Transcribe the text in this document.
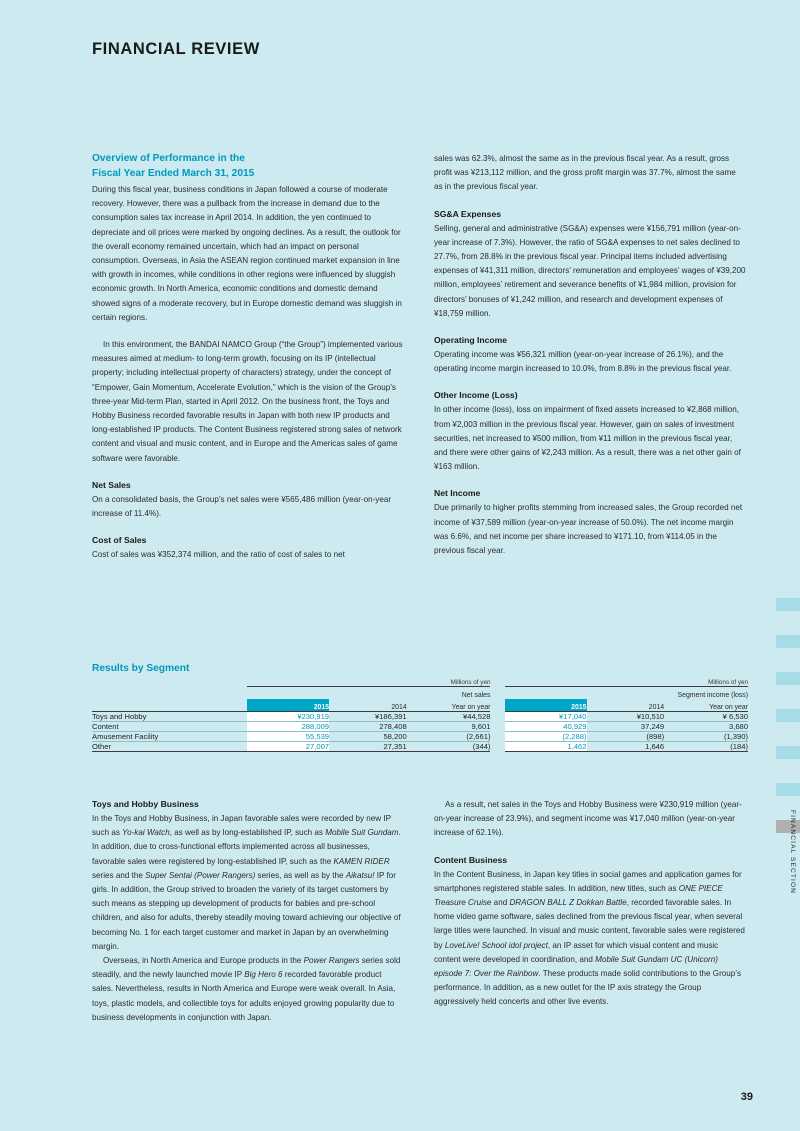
FINANCIAL REVIEW
Overview of Performance in the
Fiscal Year Ended March 31, 2015

During this fiscal year, business conditions in Japan followed a course of moderate recovery. However, there was a pullback from the increase in demand due to the consumption sales tax increase in April 2014. In addition, the yen continued to depreciate and oil prices were marked by ongoing declines. As a result, the outlook for the overall economy remained uncertain, which had an impact on personal consumption. Overseas, in Asia the ASEAN region continued market expansion in line with growth in incomes, while conditions in other regions were influenced by sluggish economic growth. In North America, economic conditions and domestic demand showed signs of a moderate recovery, but in Europe domestic demand was sluggish in certain regions.

In this environment, the BANDAI NAMCO Group (“the Group”) implemented various measures aimed at medium- to long-term growth, focusing on its IP (intellectual property; including intellectual property of characters) strategy, under the concept of “Empower, Gain Momentum, Accelerate Evolution,” which is the vision of the Group’s three-year Mid-term Plan, started in April 2012. On the business front, the Toys and Hobby Business recorded favorable results in Japan with both new IP products and long-established IP products. The Content Business registered strong sales of network content and visual and music content, and in Europe and the Americas sales of game software were favorable.

Net Sales

On a consolidated basis, the Group’s net sales were ¥565,486 million (year-on-year increase of 11.4%).

Cost of Sales

Cost of sales was ¥352,374 million, and the ratio of cost of sales to net

sales was 62.3%, almost the same as in the previous fiscal year. As a result, gross profit was ¥213,112 million, and the gross profit margin was 37.7%, almost the same as in the previous fiscal year.

SG&A Expenses

Selling, general and administrative (SG&A) expenses were ¥156,791 million (year-on-year increase of 7.3%). However, the ratio of SG&A expenses to net sales declined to 27.7%, from 28.8% in the previous fiscal year. Principal items included advertising expenses of ¥41,311 million, directors’ remuneration and employees’ wages of ¥39,200 million, employees’ retirement and severance benefits of ¥1,984 million, provision for directors’ bonuses of ¥1,242 million, and research and development expenses of ¥18,759 million.

Operating Income

Operating income was ¥56,321 million (year-on-year increase of 26.1%), and the operating income margin increased to 10.0%, from 8.8% in the previous fiscal year.

Other Income (Loss)

In other income (loss), loss on impairment of fixed assets increased to ¥2,868 million, from ¥2,003 million in the previous fiscal year. However, gain on sales of investment securities, net increased to ¥500 million, from ¥11 million in the previous fiscal year, and there were other gains of ¥2,243 million. As a result, there was a net other gain of ¥163 million.

Net Income

Due primarily to higher profits stemming from increased sales, the Group recorded net income of ¥37,589 million (year-on-year increase of 50.0%). The net income margin was 6.6%, and net income per share increased to ¥171.10, from ¥114.05 in the previous fiscal year.

Results by Segment
	Millions of yen				Millions of yen		
	Net sales				Segment income (loss)		
	2015	2014	Year on year		2015	2014	Year on year
Toys and Hobby	¥230,919	¥186,391	¥44,528		¥17,040	¥10,510	¥ 6,530
Content	288,009	278,408	9,601		40,929	37,249	3,680
Amusement Facility	55,539	58,200	(2,661)		(2,288)	(898)	(1,390)
Other	27,007	27,351	(344)		1,462	1,646	(184)
Toys and Hobby Business

In the Toys and Hobby Business, in Japan favorable sales were recorded by new IP such as Yo-kai Watch, as well as by long-established IP, such as Mobile Suit Gundam. In addition, due to cross-functional efforts implemented across all businesses, favorable sales were registered by long-established IP, such as the KAMEN RIDER series and the Super Sentai (Power Rangers) series, as well as by the Aikatsu! IP for girls. In addition, the Group strived to broaden the variety of its target customers by such means as stepping up development of products for babies and pre-school children, and also for adults, thereby steadily moving toward achieving our objective of becoming No. 1 for each target customer and market in Japan by an overwhelming margin.

Overseas, in North America and Europe products in the Power Rangers series sold steadily, and the newly launched movie IP Big Hero 6 recorded favorable product sales. Nevertheless, results in North America and Europe were weak overall. In Asia, toys, plastic models, and collectible toys for adults enjoyed growing popularity due to business developments in conjunction with Japan.

As a result, net sales in the Toys and Hobby Business were ¥230,919 million (year-on-year increase of 23.9%), and segment income was ¥17,040 million (year-on-year increase of 62.1%).

Content Business

In the Content Business, in Japan key titles in social games and application games for smartphones registered stable sales. In addition, new titles, such as ONE PIECE Treasure Cruise and DRAGON BALL Z Dokkan Battle, recorded favorable sales. In home video game software, sales declined from the previous fiscal year, when several large titles were launched. In visual and music content, favorable sales were registered by LoveLive! School idol project, an IP asset for which visual content and music content were developed in coordination, and Mobile Suit Gundam UC (Unicorn) episode 7: Over the Rainbow. These products made solid contributions to the Group’s performance. In addition, as a new outlet for the IP axis strategy the Group aggressively held concerts and other live events.

FINANCIAL SECTION
39
